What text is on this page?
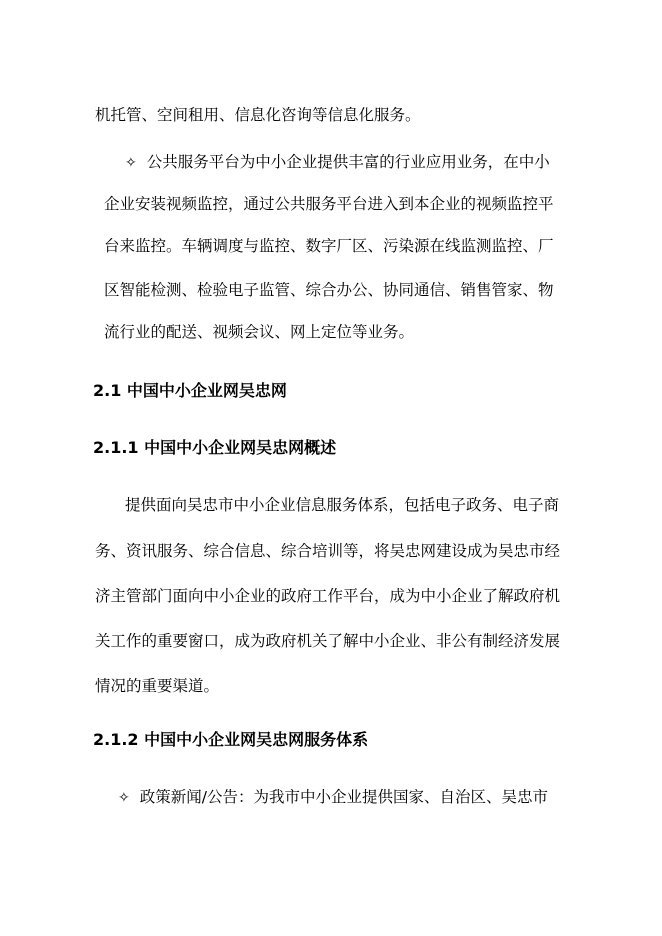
机托管、空间租用、信息化咨询等信息化服务。
✧ 公共服务平台为中小企业提供丰富的行业应用业务，在中小
企业安装视频监控，通过公共服务平台进入到本企业的视频监控平
台来监控。车辆调度与监控、数字厂区、污染源在线监测监控、厂
区智能检测、检验电子监管、综合办公、协同通信、销售管家、物
流行业的配送、视频会议、网上定位等业务。
2.1 中国中小企业网吴忠网
2.1.1 中国中小企业网吴忠网概述
提供面向吴忠市中小企业信息服务体系，包括电子政务、电子商
务、资讯服务、综合信息、综合培训等，将吴忠网建设成为吴忠市经
济主管部门面向中小企业的政府工作平台，成为中小企业了解政府机
关工作的重要窗口，成为政府机关了解中小企业、非公有制经济发展
情况的重要渠道。
2.1.2 中国中小企业网吴忠网服务体系
✧ 政策新闻/公告：为我市中小企业提供国家、自治区、吴忠市
